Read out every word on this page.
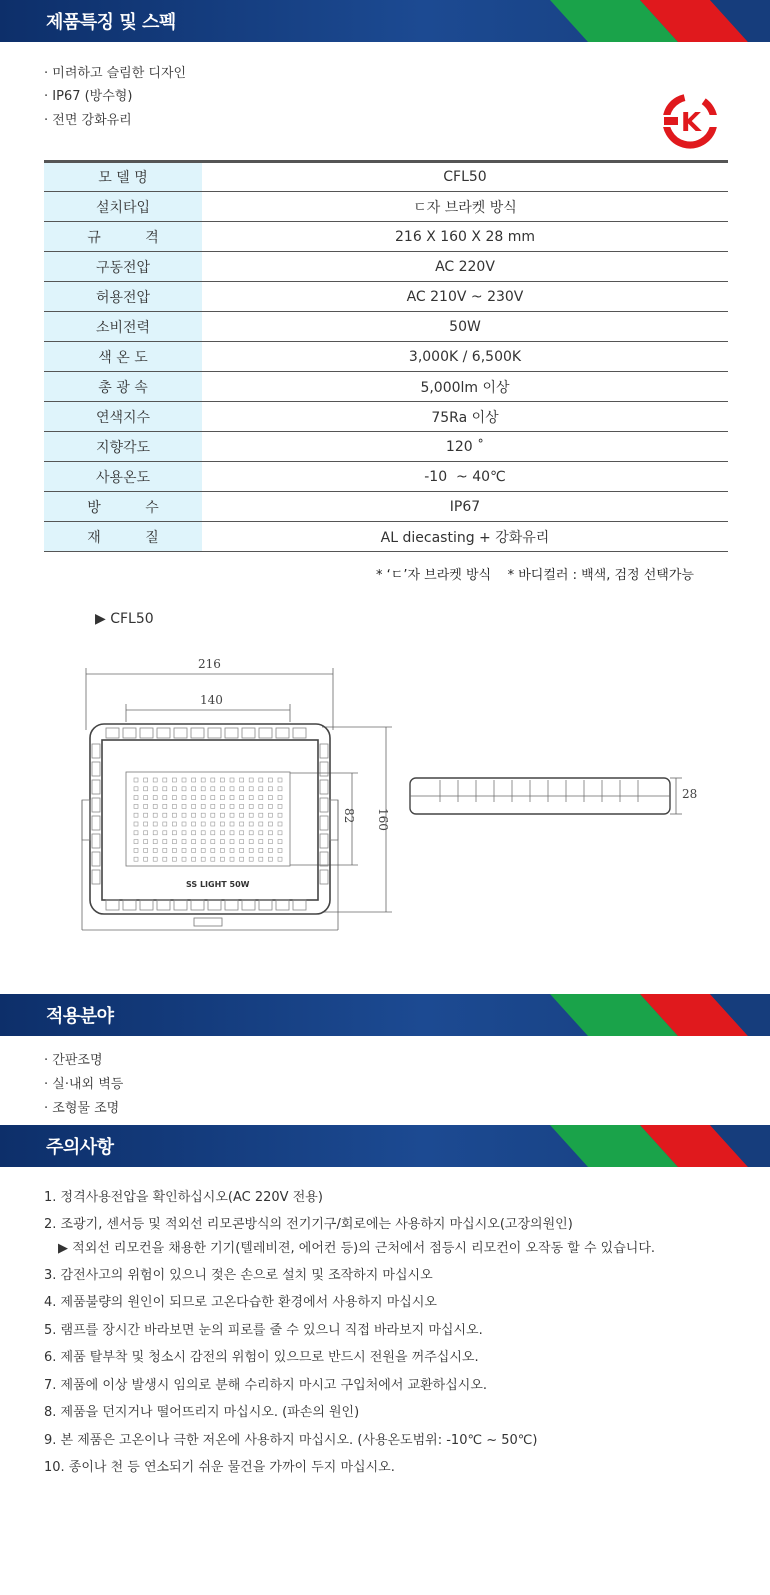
제품특징 및 스펙
· 미려하고 슬림한 디자인
· IP67 (방수형)
· 전면 강화유리	K
모 델 명	CFL50
설치타입	ㄷ자 브라켓 방식
규          격	216 X 160 X 28 mm
구동전압	AC 220V
허용전압	AC 210V ~ 230V
소비전력	50W
색 온 도	3,000K / 6,500K
총 광 속	5,000lm 이상
연색지수	75Ra 이상
지향각도	120 ˚
사용온도	-10  ~ 40℃
방          수	IP67
재          질	AL diecasting + 강화유리
* ‘ㄷ’자 브라켓 방식    * 바디컬러 : 백색, 검정 선택가능
▶ CFL50
216
140
160
82
28
SS LIGHT 50W
적용분야
· 간판조명
· 실·내외 벽등
· 조형물 조명
주의사항
1. 정격사용전압을 확인하십시오(AC 220V 전용)
2. 조광기, 센서등 및 적외선 리모콘방식의 전기기구/회로에는 사용하지 마십시오(고장의원인)
▶ 적외선 리모컨을 채용한 기기(텔레비젼, 에어컨 등)의 근처에서 점등시 리모컨이 오작동 할 수 있습니다.
3. 감전사고의 위험이 있으니 젖은 손으로 설치 및 조작하지 마십시오
4. 제품불량의 원인이 되므로 고온다습한 환경에서 사용하지 마십시오
5. 램프를 장시간 바라보면 눈의 피로를 줄 수 있으니 직접 바라보지 마십시오.
6. 제품 탈부착 및 청소시 감전의 위험이 있으므로 반드시 전원을 꺼주십시오.
7. 제품에 이상 발생시 임의로 분해 수리하지 마시고 구입처에서 교환하십시오.
8. 제품을 던지거나 떨어뜨리지 마십시오. (파손의 원인)
9. 본 제품은 고온이나 극한 저온에 사용하지 마십시오. (사용온도범위: -10℃ ~ 50℃)
10. 종이나 천 등 연소되기 쉬운 물건을 가까이 두지 마십시오.
